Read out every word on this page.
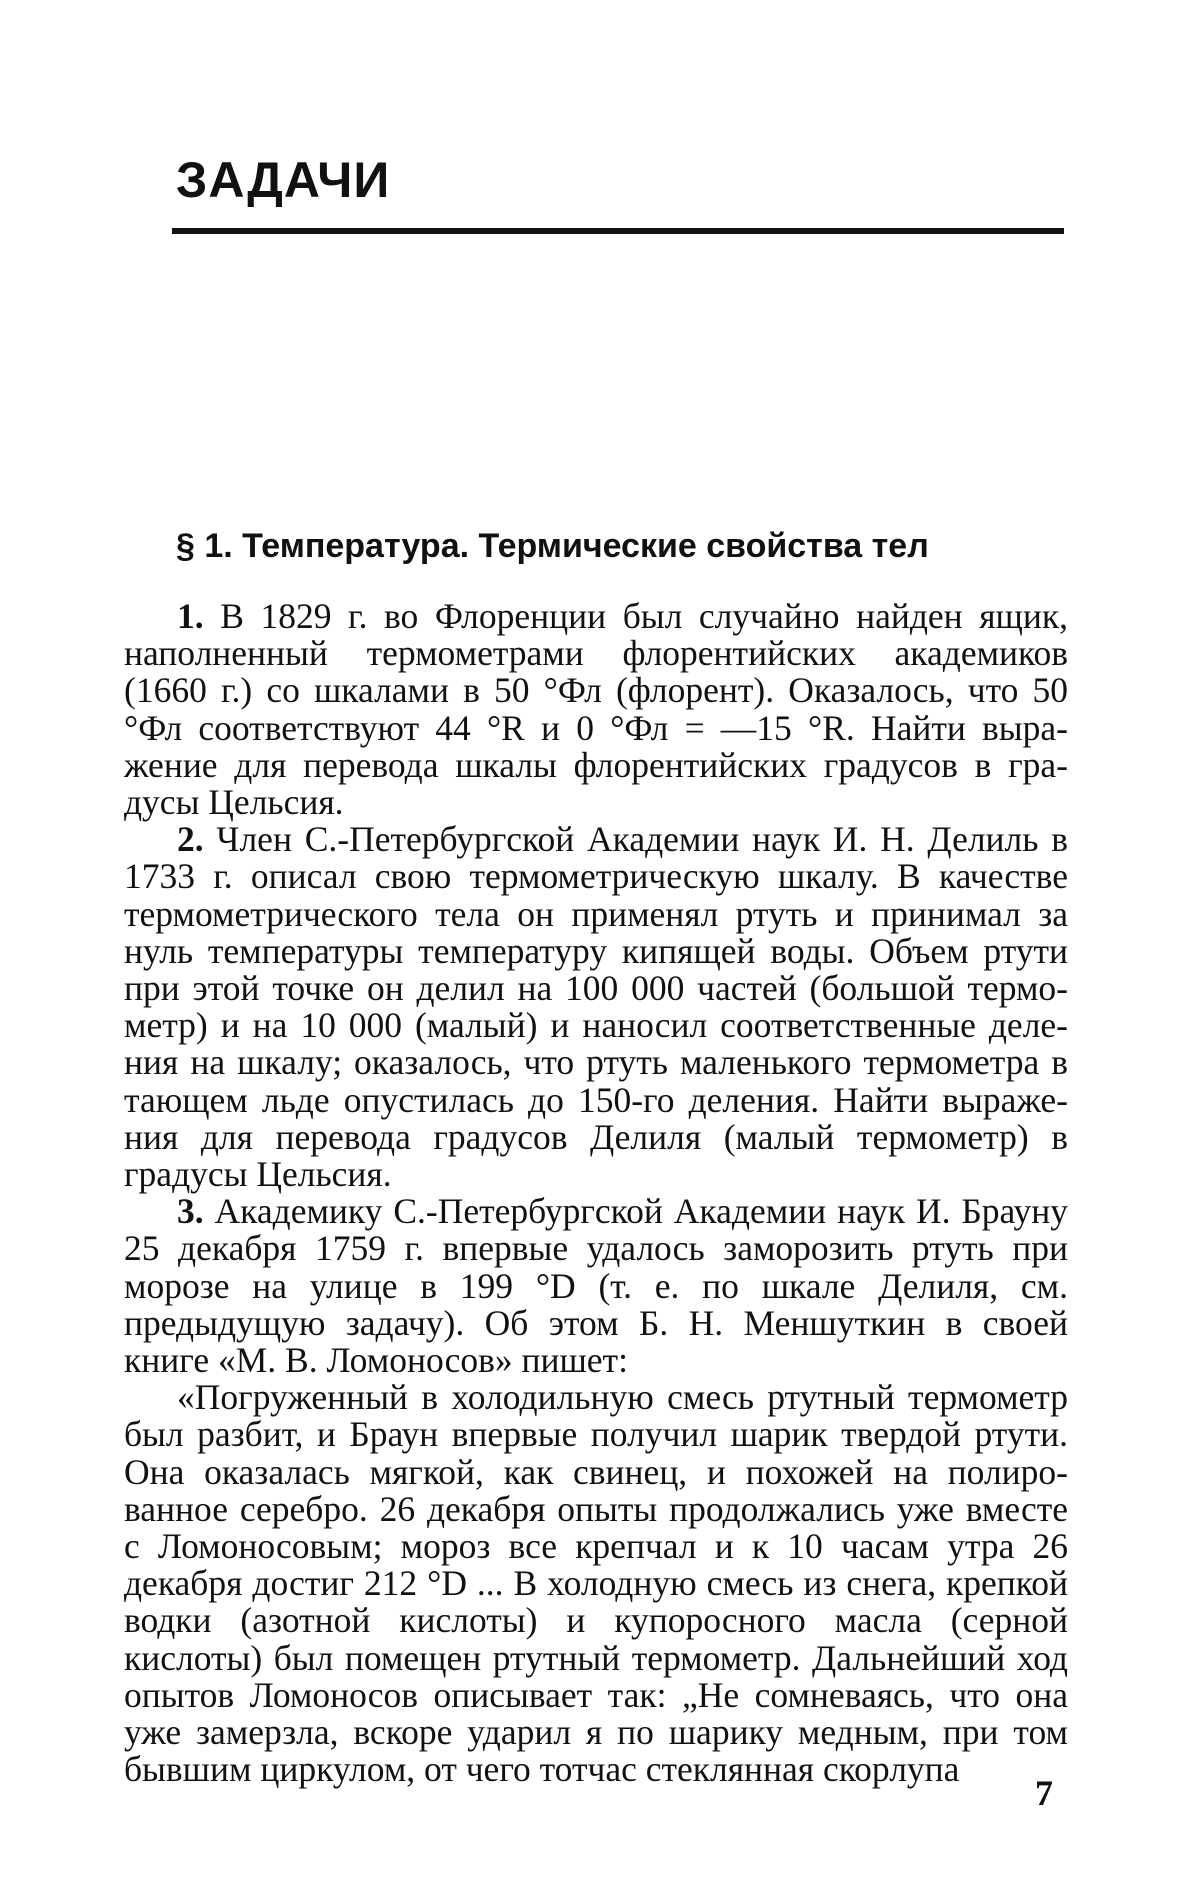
ЗАДАЧИ
§ 1. Температура. Термические свойства тел

1. В 1829 г. во Флоренции был случайно найден ящик, наполненный термометрами флорентийских академиков (1660 г.) со шкалами в 50 °Фл (флорент). Оказалось, что 50 °Фл соответствуют 44 °R и 0 °Фл = —15 °R. Найти выражение для перевода шкалы флорентийских градусов в градусы Цельсия.

2. Член С.-Петербургской Академии наук И. Н. Делиль в 1733 г. описал свою термометрическую шкалу. В качестве термометрического тела он применял ртуть и принимал за нуль температуры температуру кипящей воды. Объем ртути при этой точке он делил на 100 000 частей (большой термометр) и на 10 000 (малый) и наносил соответственные деления на шкалу; оказалось, что ртуть маленького термометра в тающем льде опустилась до 150-го деления. Найти выражения для перевода градусов Делиля (малый термометр) в градусы Цельсия.

3. Академику С.-Петербургской Академии наук И. Брауну 25 декабря 1759 г. впервые удалось заморозить ртуть при морозе на улице в 199 °D (т. е. по шкале Делиля, см. предыдущую задачу). Об этом Б. Н. Меншуткин в своей книге «М. В. Ломоносов» пишет:

«Погруженный в холодильную смесь ртутный термометр был разбит, и Браун впервые получил шарик твердой ртути. Она оказалась мягкой, как свинец, и похожей на полированное серебро. 26 декабря опыты продолжались уже вместе с Ломоносовым; мороз все крепчал и к 10 часам утра 26 декабря достиг 212 °D ... В холодную смесь из снега, крепкой водки (азотной кислоты) и купоросного масла (серной кислоты) был помещен ртутный термометр. Дальнейший ход опытов Ломоносов описывает так: „Не сомневаясь, что она уже замерзла, вскоре ударил я по шарику медным, при том бывшим циркулом, от чего тотчас стеклянная скорлупа

7
